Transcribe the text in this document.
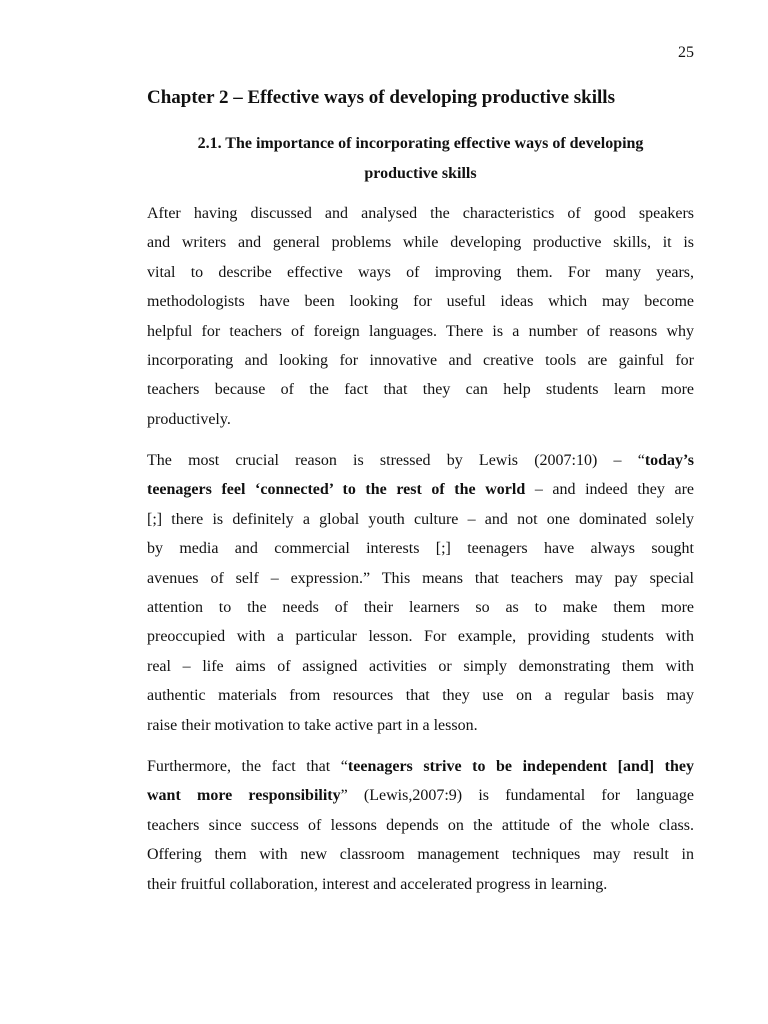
25
Chapter 2 – Effective ways of developing productive skills
2.1. The importance of incorporating effective ways of developing
productive skills

After having discussed and analysed the characteristics of good speakers
and writers and general problems while developing productive skills, it is
vital to describe effective ways of improving them. For many years,
methodologists have been looking for useful ideas which may become
helpful for teachers of foreign languages. There is a number of reasons why
incorporating and looking for innovative and creative tools are gainful for
teachers because of the fact that they can help students learn more
productively.

The most crucial reason is stressed by Lewis (2007:10) – “today’s
teenagers feel ‘connected’ to the rest of the world – and indeed they are
[;] there is definitely a global youth culture – and not one dominated solely
by media and commercial interests [;] teenagers have always sought
avenues of self – expression.” This means that teachers may pay special
attention to the needs of their learners so as to make them more
preoccupied with a particular lesson. For example, providing students with
real – life aims of assigned activities or simply demonstrating them with
authentic materials from resources that they use on a regular basis may
raise their motivation to take active part in a lesson.

Furthermore, the fact that “teenagers strive to be independent [and] they
want more responsibility” (Lewis,2007:9) is fundamental for language
teachers since success of lessons depends on the attitude of the whole class.
Offering them with new classroom management techniques may result in
their fruitful collaboration, interest and accelerated progress in learning.
